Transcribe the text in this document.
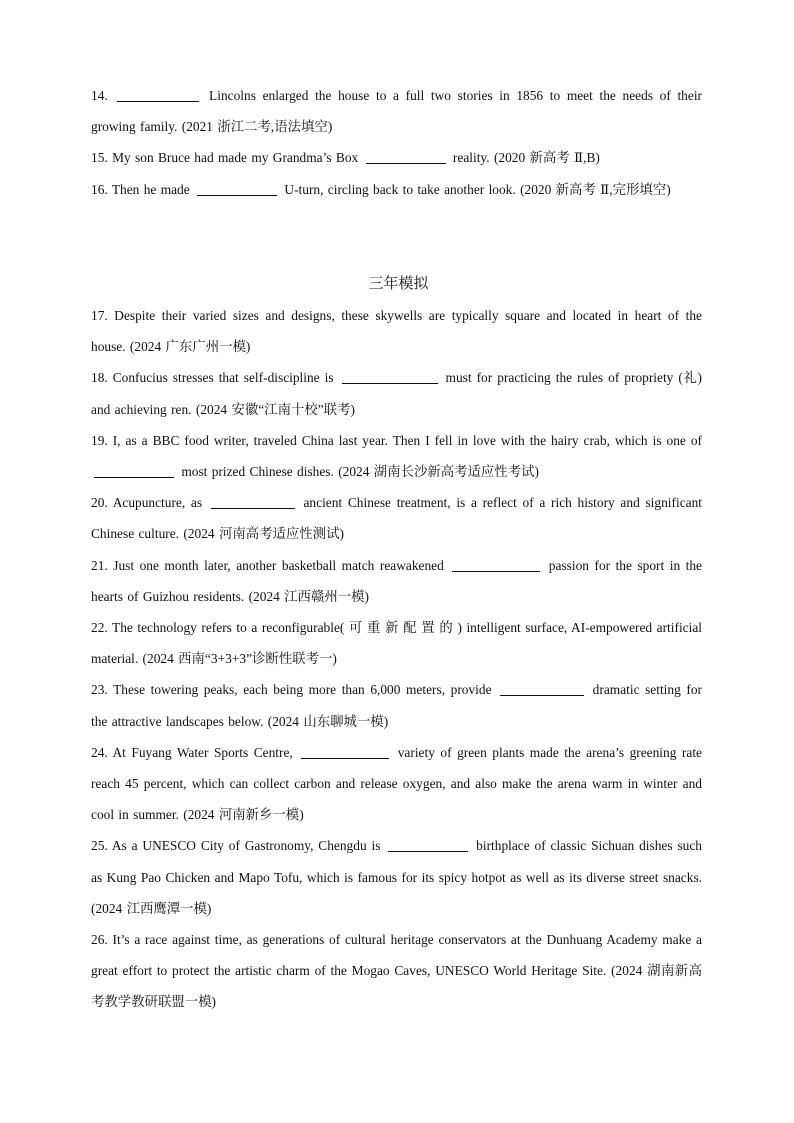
14.	Lincolns enlarged the house to a full two stories in 1856 to meet the needs of their growing family. (2021 浙江二考,语法填空)
15. My son Bruce had made my Grandma’s Box	reality. (2020 新高考 Ⅱ,B)
16. Then he made	U-turn, circling back to take another look. (2020 新高考 Ⅱ,完形填空)
三年模拟
17. Despite their varied sizes and designs, these skywells are typically square and located in heart of the house. (2024 广东广州一模)
18. Confucius stresses that self-discipline is	must for practicing the rules of propriety (礼) and achieving ren. (2024 安徽“江南十校”联考)
19. I, as a BBC food writer, traveled China last year. Then I fell in love with the hairy crab, which is one of  most prized Chinese dishes. (2024 湖南长沙新高考适应性考试)
20. Acupuncture, as	ancient Chinese treatment, is a reflect of a rich history and significant Chinese culture. (2024 河南高考适应性测试)
21. Just one month later, another basketball match reawakened	passion for the sport in the hearts of Guizhou residents. (2024 江西赣州一模)
22. The technology refers to a reconfigurable( 可 重 新 配 置 的 ) intelligent surface, AI-empowered artificial material. (2024 西南“3+3+3”诊断性联考一)
23. These towering peaks, each being more than 6,000 meters, provide	dramatic setting for the attractive landscapes below. (2024 山东聊城一模)
24. At Fuyang Water Sports Centre,	variety of green plants made the arena’s greening rate reach 45 percent, which can collect carbon and release oxygen, and also make the arena warm in winter and cool in summer. (2024 河南新乡一模)
25. As a UNESCO City of Gastronomy, Chengdu is	birthplace of classic Sichuan dishes such as Kung Pao Chicken and Mapo Tofu, which is famous for its spicy hotpot as well as its diverse street snacks. (2024 江西鹰潭一模)
26. It’s a race against time, as generations of cultural heritage conservators at the Dunhuang Academy make a great effort to protect the artistic charm of the Mogao Caves, UNESCO World Heritage Site. (2024 湖南新高考教学教研联盟一模)
